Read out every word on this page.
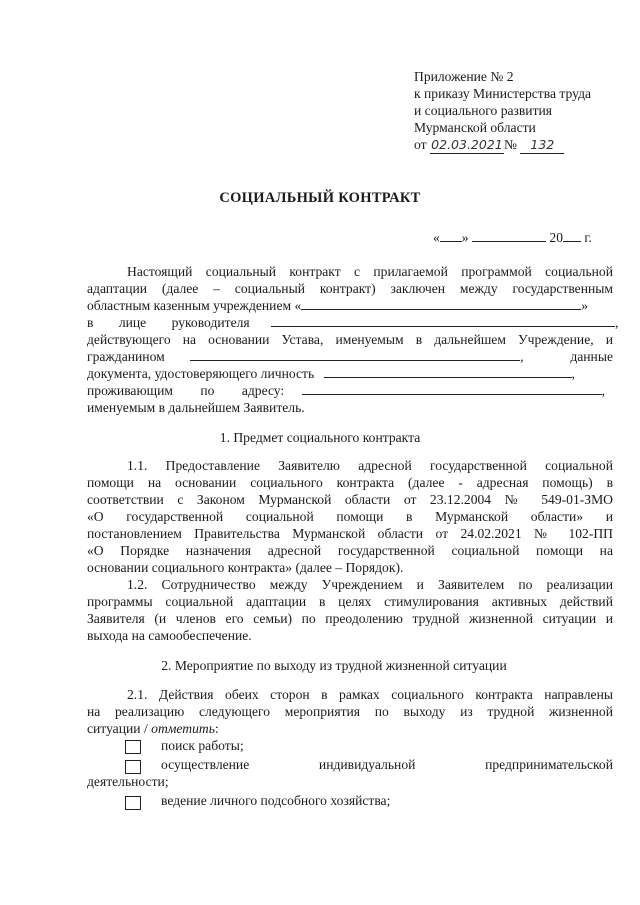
Приложение № 2
к приказу Министерства труда
и социального развития
Мурманской области
от 02.03.2021№ 132
СОЦИАЛЬНЫЙ КОНТРАКТ
« »	20 г.
Настоящий социальный контракт с прилагаемой программой социальной
адаптации (далее – социальный контракт) заключен между государственным
областным казенным учреждением «	»
в лице руководителя	,
действующего на основании Устава, именуемым в дальнейшем Учреждение, и
гражданином	,	данные
документа, удостоверяющего личность	,
проживающим по адресу:	,
именуемым в дальнейшем Заявитель.
1. Предмет социального контракта
1.1. Предоставление Заявителю адресной государственной социальной
помощи на основании социального контракта (далее - адресная помощь) в
соответствии с Законом Мурманской области от 23.12.2004 № 549-01-ЗМО
«О государственной социальной помощи в Мурманской области» и
постановлением Правительства Мурманской области от 24.02.2021 № 102-ПП
«О Порядке назначения адресной государственной социальной помощи на
основании социального контракта» (далее – Порядок).
1.2. Сотрудничество между Учреждением и Заявителем по реализации
программы социальной адаптации в целях стимулирования активных действий
Заявителя (и членов его семьи) по преодолению трудной жизненной ситуации и
выхода на самообеспечение.
2. Мероприятие по выходу из трудной жизненной ситуации
2.1. Действия обеих сторон в рамках социального контракта направлены
на реализацию следующего мероприятия по выходу из трудной жизненной
ситуации / отметить:
поиск работы;
осуществление индивидуальной предпринимательской
деятельности;
ведение личного подсобного хозяйства;
